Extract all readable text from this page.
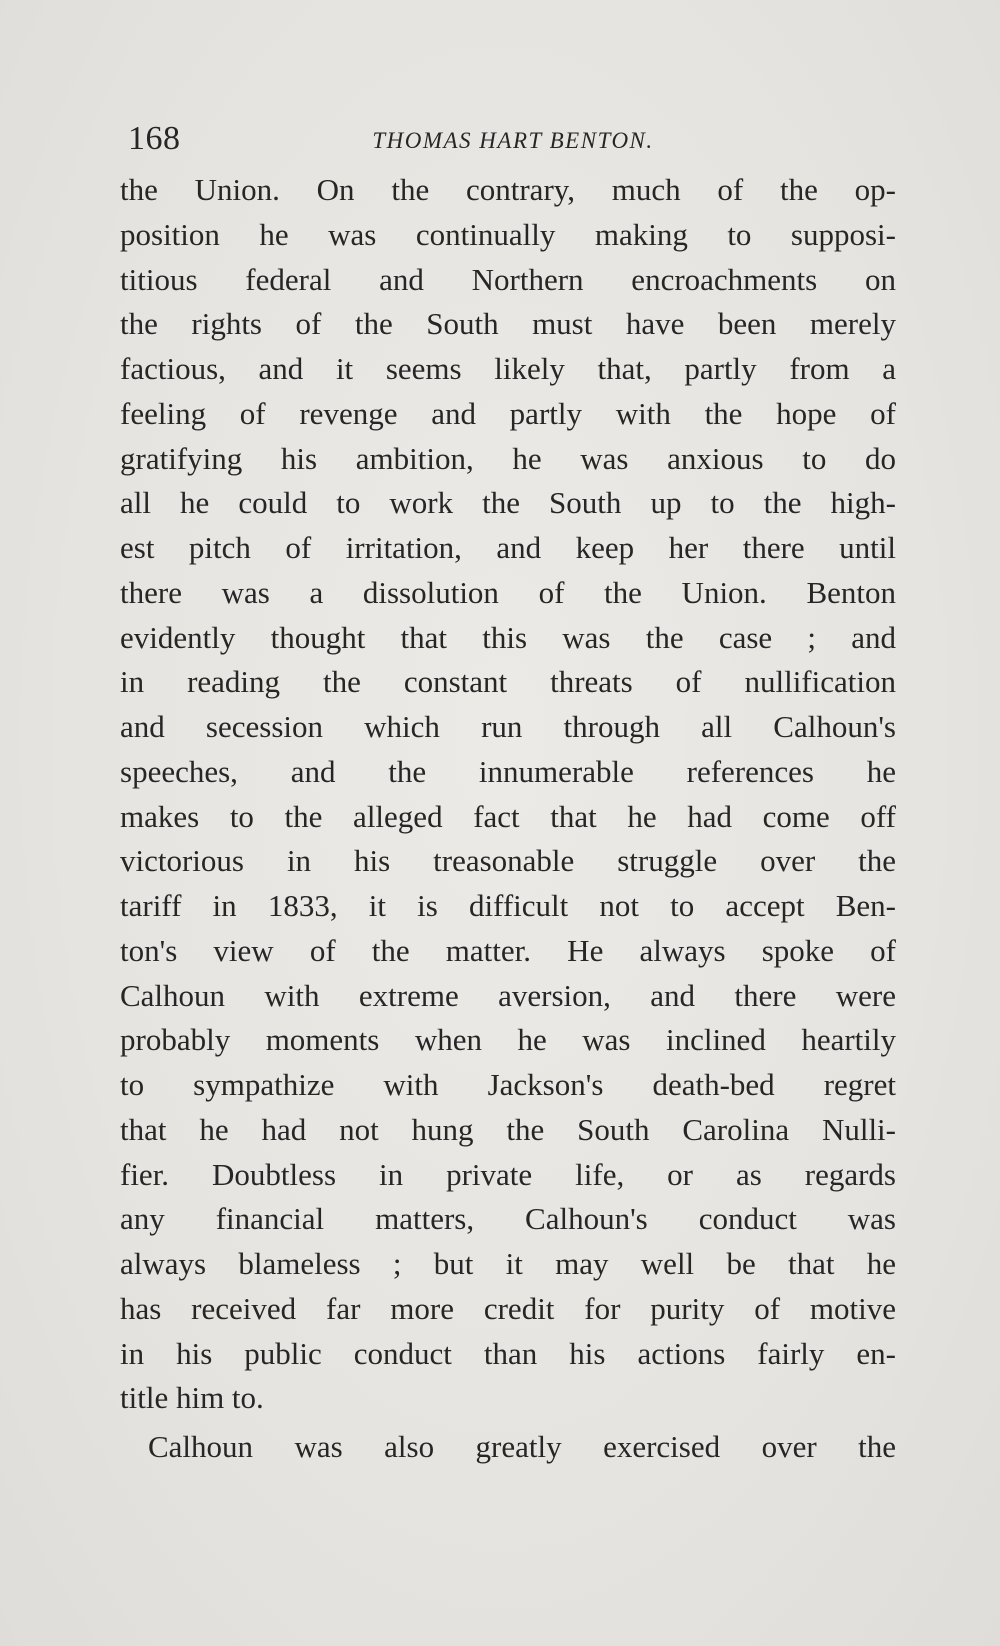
168	THOMAS HART BENTON.
the Union. On the contrary, much of the op-
position he was continually making to supposi-
titious federal and Northern encroachments on
the rights of the South must have been merely
factious, and it seems likely that, partly from a
feeling of revenge and partly with the hope of
gratifying his ambition, he was anxious to do
all he could to work the South up to the high-
est pitch of irritation, and keep her there until
there was a dissolution of the Union. Benton
evidently thought that this was the case ; and
in reading the constant threats of nullification
and secession which run through all Calhoun's
speeches, and the innumerable references he
makes to the alleged fact that he had come off
victorious in his treasonable struggle over the
tariff in 1833, it is difficult not to accept Ben-
ton's view of the matter. He always spoke of
Calhoun with extreme aversion, and there were
probably moments when he was inclined heartily
to sympathize with Jackson's death-bed regret
that he had not hung the South Carolina Nulli-
fier. Doubtless in private life, or as regards
any financial matters, Calhoun's conduct was
always blameless ; but it may well be that he
has received far more credit for purity of motive
in his public conduct than his actions fairly en-
title him to.
Calhoun was also greatly exercised over the
